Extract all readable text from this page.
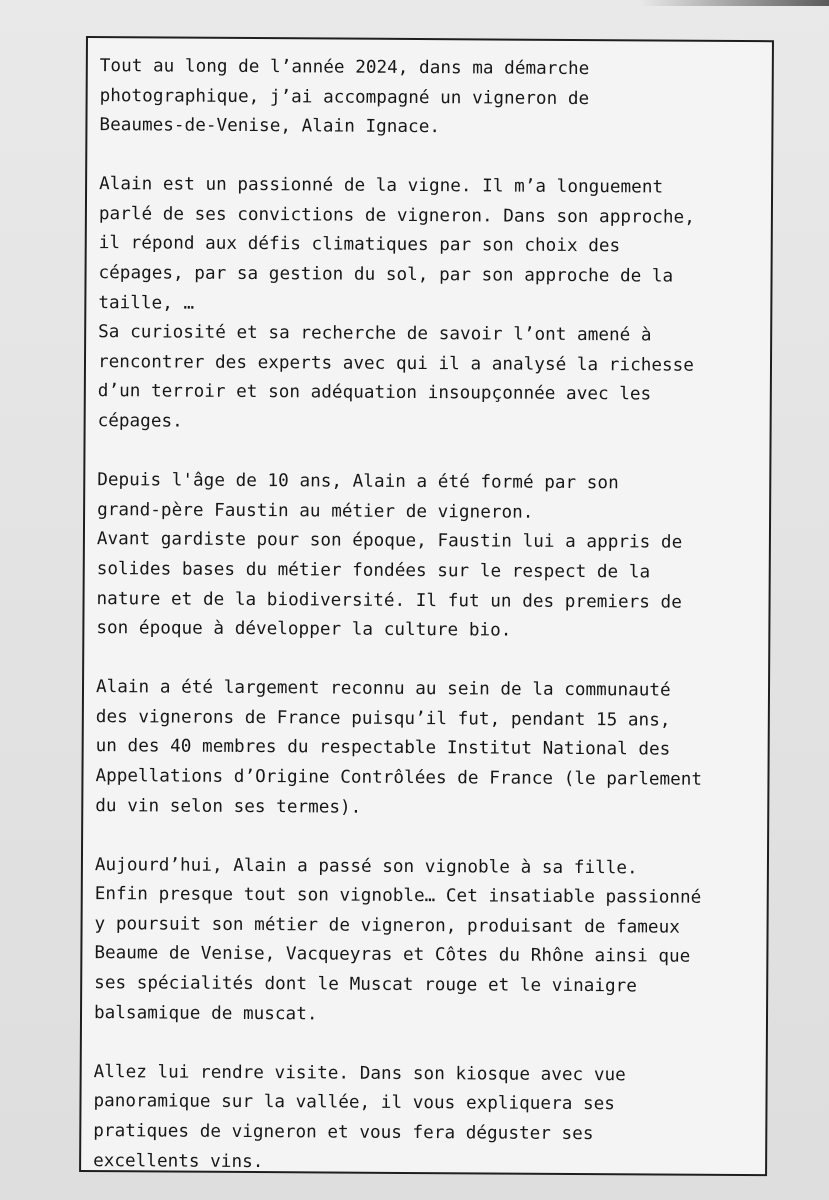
Tout au long de l’année 2024, dans ma démarche
photographique, j’ai accompagné un vigneron de
Beaumes-de-Venise, Alain Ignace.
Alain est un passionné de la vigne. Il m’a longuement
parlé de ses convictions de vigneron. Dans son approche,
il répond aux défis climatiques par son choix des
cépages, par sa gestion du sol, par son approche de la
taille, …
Sa curiosité et sa recherche de savoir l’ont amené à
rencontrer des experts avec qui il a analysé la richesse
d’un terroir et son adéquation insoupçonnée avec les
cépages.
Depuis l'âge de 10 ans, Alain a été formé par son
grand-père Faustin au métier de vigneron.
Avant gardiste pour son époque, Faustin lui a appris de
solides bases du métier fondées sur le respect de la
nature et de la biodiversité. Il fut un des premiers de
son époque à développer la culture bio.
Alain a été largement reconnu au sein de la communauté
des vignerons de France puisqu’il fut, pendant 15 ans,
un des 40 membres du respectable Institut National des
Appellations d’Origine Contrôlées de France (le parlement
du vin selon ses termes).
Aujourd’hui, Alain a passé son vignoble à sa fille.
Enfin presque tout son vignoble… Cet insatiable passionné
y poursuit son métier de vigneron, produisant de fameux
Beaume de Venise, Vacqueyras et Côtes du Rhône ainsi que
ses spécialités dont le Muscat rouge et le vinaigre
balsamique de muscat.
Allez lui rendre visite. Dans son kiosque avec vue
panoramique sur la vallée, il vous expliquera ses
pratiques de vigneron et vous fera déguster ses
excellents vins.
